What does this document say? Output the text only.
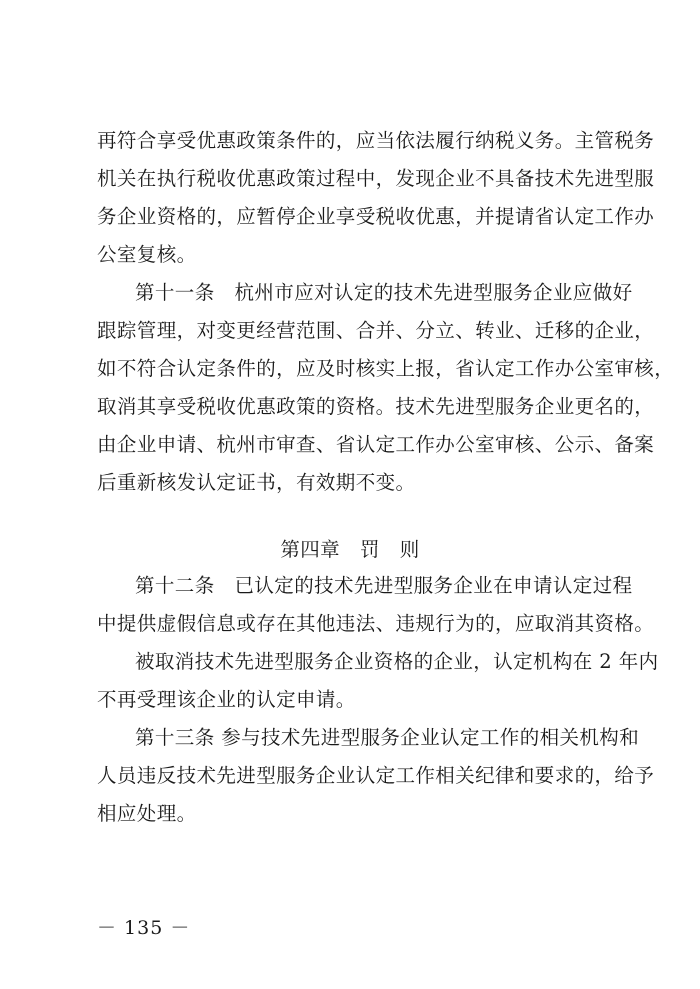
再符合享受优惠政策条件的，应当依法履行纳税义务。主管税务
机关在执行税收优惠政策过程中，发现企业不具备技术先进型服
务企业资格的，应暂停企业享受税收优惠，并提请省认定工作办
公室复核。
第十一条　杭州市应对认定的技术先进型服务企业应做好
跟踪管理，对变更经营范围、合并、分立、转业、迁移的企业，
如不符合认定条件的，应及时核实上报，省认定工作办公室审核，
取消其享受税收优惠政策的资格。技术先进型服务企业更名的，
由企业申请、杭州市审查、省认定工作办公室审核、公示、备案
后重新核发认定证书，有效期不变。
第四章　罚　则
第十二条　已认定的技术先进型服务企业在申请认定过程
中提供虚假信息或存在其他违法、违规行为的，应取消其资格。
被取消技术先进型服务企业资格的企业，认定机构在 2 年内
不再受理该企业的认定申请。
第十三条 参与技术先进型服务企业认定工作的相关机构和
人员违反技术先进型服务企业认定工作相关纪律和要求的，给予
相应处理。
－ 135 －
